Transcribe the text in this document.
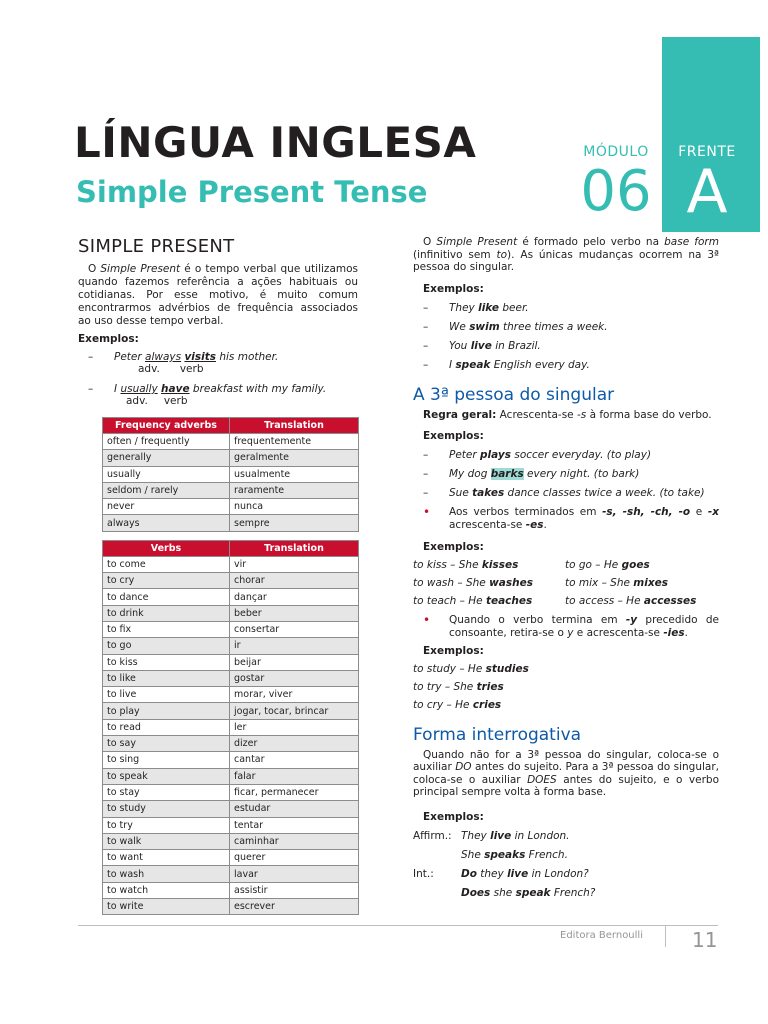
FRENTE
A
MÓDULO
06
LÍNGUA INGLESA
Simple Present Tense
SIMPLE PRESENT

O Simple Present é o tempo verbal que utilizamos quando fazemos referência a ações habituais ou cotidianas. Por esse motivo, é muito comum encontrarmos advérbios de frequência associados ao uso desse tempo verbal.

Exemplos:
–	Peter always visits his mother.
adv. verb
–	I usually have breakfast with my family.
adv. verb
Frequency adverbs	Translation
often / frequently	frequentemente
generally	geralmente
usually	usualmente
seldom / rarely	raramente
never	nunca
always	sempre
Verbs	Translation
to come	vir
to cry	chorar
to dance	dançar
to drink	beber
to fix	consertar
to go	ir
to kiss	beijar
to like	gostar
to live	morar, viver
to play	jogar, tocar, brincar
to read	ler
to say	dizer
to sing	cantar
to speak	falar
to stay	ficar, permanecer
to study	estudar
to try	tentar
to walk	caminhar
to want	querer
to wash	lavar
to watch	assistir
to write	escrever

O Simple Present é formado pelo verbo na base form (infinitivo sem to). As únicas mudanças ocorrem na 3ª pessoa do singular.

Exemplos:
–	They like beer.
–	We swim three times a week.
–	You live in Brazil.
–	I speak English every day.
A 3ª pessoa do singular
Regra geral: Acrescenta-se -s à forma base do verbo.
Exemplos:
–	Peter plays soccer everyday. (to play)
–	My dog barks every night. (to bark)
–	Sue takes dance classes twice a week. (to take)
•	Aos verbos terminados em -s, -sh, -ch, -o e -x acrescenta-se -es.
Exemplos:
to kiss – She kisses	to go – He goes
to wash – She washes	to mix – She mixes
to teach – He teaches	to access – He accesses
•	Quando o verbo termina em -y precedido de consoante, retira-se o y e acrescenta-se -ies.
Exemplos:
to study – He studies
to try – She tries
to cry – He cries
Forma interrogativa

Quando não for a 3ª pessoa do singular, coloca-se o auxiliar DO antes do sujeito. Para a 3ª pessoa do singular, coloca-se o auxiliar DOES antes do sujeito, e o verbo principal sempre volta à forma base.

Exemplos:
Affirm.: They live in London.
She speaks French.
Int.:	Do they live in London?
Does she speak French?
Editora Bernoulli 11
